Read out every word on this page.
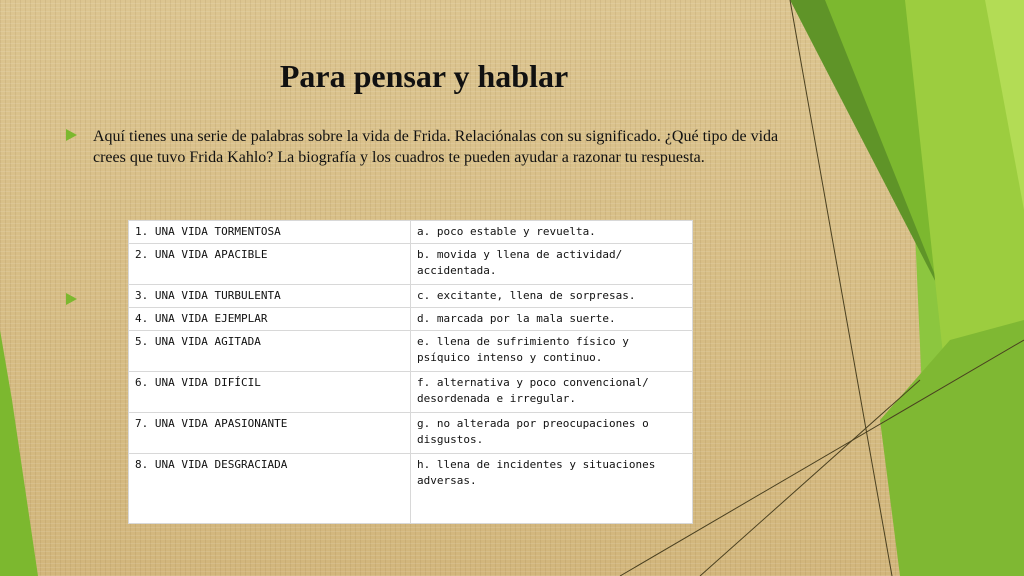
Para pensar y hablar
Aquí tienes una serie de palabras sobre la vida de Frida. Relaciónalas con su significado. ¿Qué tipo de vida crees que tuvo Frida Kahlo? La biografía y los cuadros te pueden ayudar a razonar tu respuesta.
1. UNA VIDA TORMENTOSA	a. poco estable y revuelta.
2. UNA VIDA APACIBLE	b. movida y llena de actividad/ accidentada.
3. UNA VIDA TURBULENTA	c. excitante, llena de sorpresas.
4. UNA VIDA EJEMPLAR	d. marcada por la mala suerte.
5. UNA VIDA AGITADA	e. llena de sufrimiento físico y psíquico intenso y continuo.
6. UNA VIDA DIFÍCIL	f. alternativa y poco convencional/ desordenada e irregular.
7. UNA VIDA APASIONANTE	g. no alterada por preocupaciones o disgustos.
8. UNA VIDA DESGRACIADA	h. llena de incidentes y situaciones adversas.
